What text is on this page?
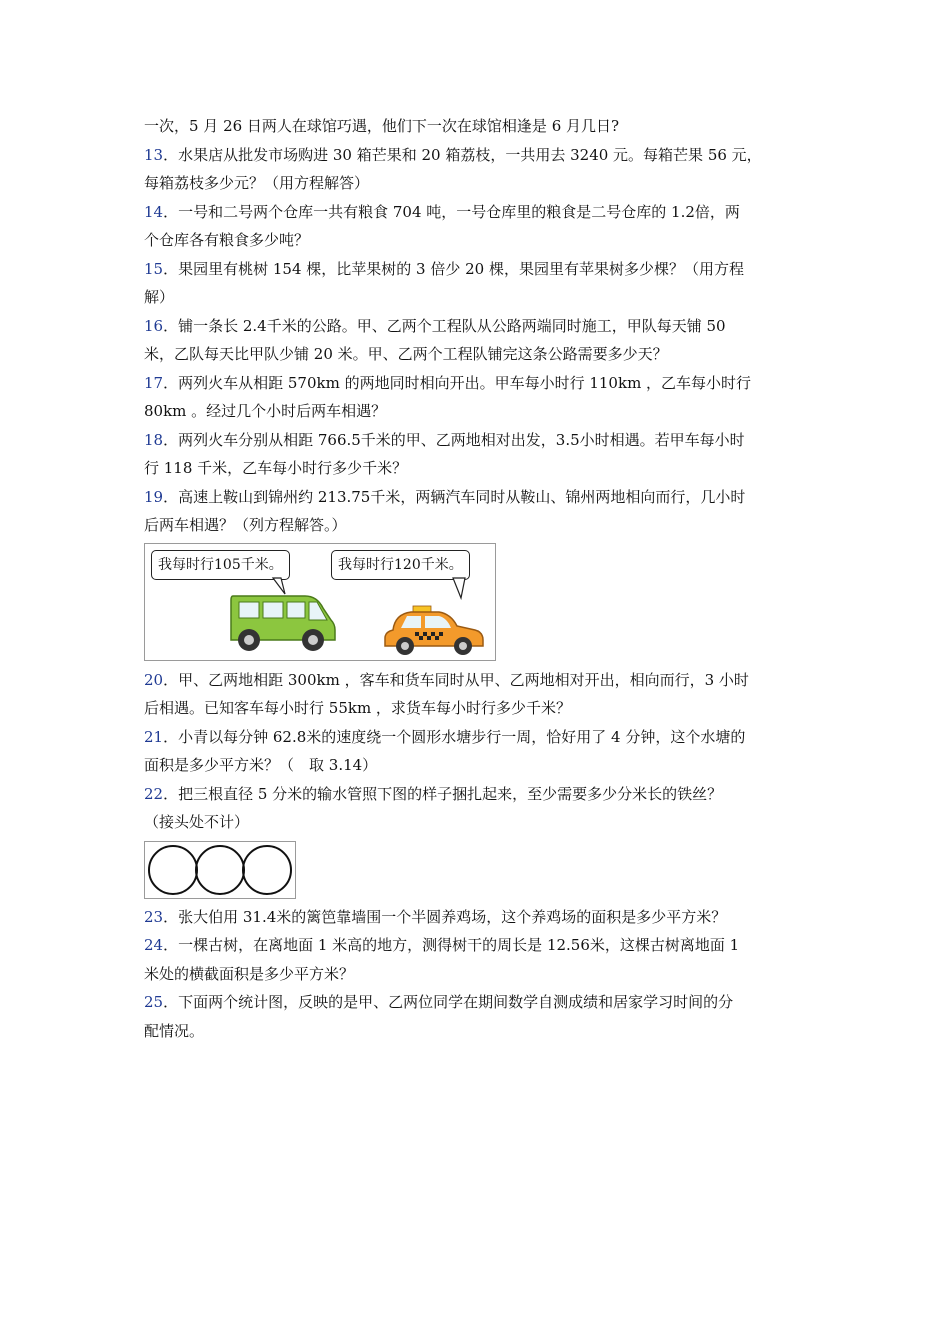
一次，5 月 26 日两人在球馆巧遇，他们下一次在球馆相逢是 6 月几日?
13．水果店从批发市场购进 30 箱芒果和 20 箱荔枝，一共用去 3240 元。每箱芒果 56 元，
每箱荔枝多少元？（用方程解答）
14．一号和二号两个仓库一共有粮食 704 吨，一号仓库里的粮食是二号仓库的 1.2倍，两
个仓库各有粮食多少吨？
15．果园里有桃树 154 棵，比苹果树的 3 倍少 20 棵，果园里有苹果树多少棵？（用方程
解）
16．铺一条长 2.4千米的公路。甲、乙两个工程队从公路两端同时施工，甲队每天铺 50
米，乙队每天比甲队少铺 20 米。甲、乙两个工程队铺完这条公路需要多少天？
17．两列火车从相距 570km 的两地同时相向开出。甲车每小时行 110km ，乙车每小时行
80km 。经过几个小时后两车相遇？
18．两列火车分别从相距 766.5千米的甲、乙两地相对出发，3.5小时相遇。若甲车每小时
行 118 千米，乙车每小时行多少千米？
19．高速上鞍山到锦州约 213.75千米，两辆汽车同时从鞍山、锦州两地相向而行，几小时
后两车相遇？（列方程解答。）
我每时行105千米。	我每时行120千米。
20．甲、乙两地相距 300km ，客车和货车同时从甲、乙两地相对开出，相向而行，3 小时
后相遇。已知客车每小时行 55km ，求货车每小时行多少千米？
21．小青以每分钟 62.8米的速度绕一个圆形水塘步行一周，恰好用了 4 分钟，这个水塘的
面积是多少平方米？（　取 3.14）
22．把三根直径 5 分米的输水管照下图的样子捆扎起来，至少需要多少分米长的铁丝？
（接头处不计）
23．张大伯用 31.4米的篱笆靠墙围一个半圆养鸡场，这个养鸡场的面积是多少平方米？
24．一棵古树，在离地面 1 米高的地方，测得树干的周长是 12.56米，这棵古树离地面 1
米处的横截面积是多少平方米？
25．下面两个统计图，反映的是甲、乙两位同学在期间数学自测成绩和居家学习时间的分
配情况。
